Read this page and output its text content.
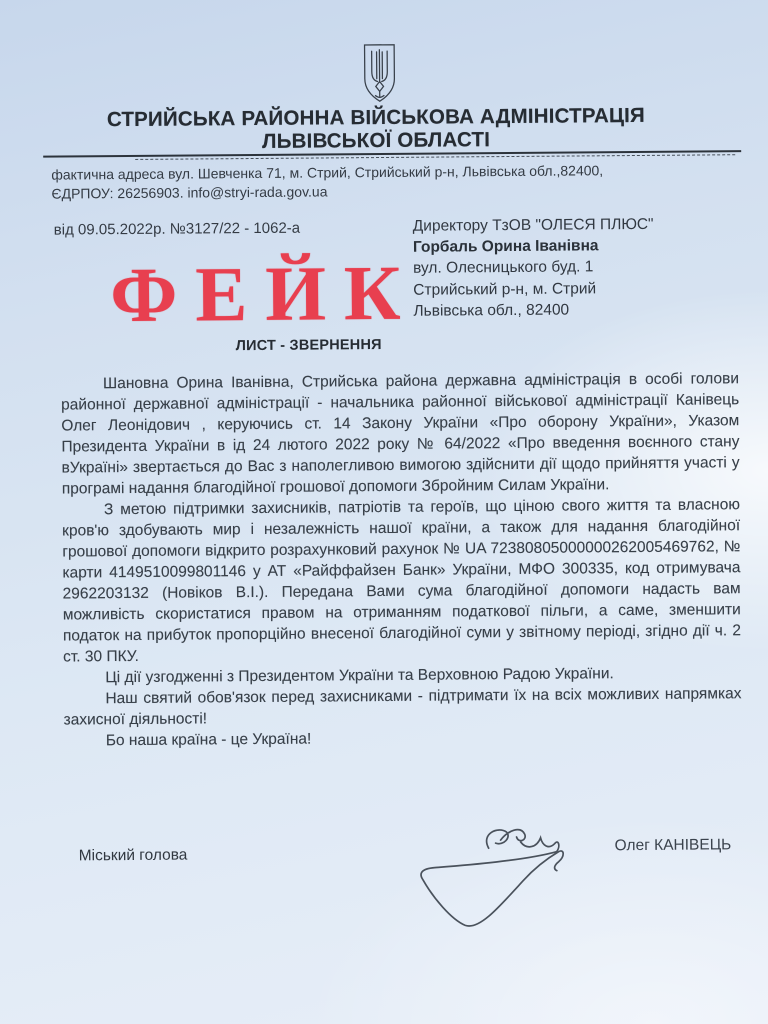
СТРИЙСЬКА РАЙОННА ВІЙСЬКОВА АДМІНІСТРАЦІЯ
ЛЬВІВСЬКОЇ ОБЛАСТІ
фактична адреса вул. Шевченка 71, м. Стрий, Стрийський р-н, Львівська обл.,82400,
ЄДРПОУ: 26256903. info@stryi-rada.gov.ua
від 09.05.2022р. №3127/22 - 1062-а	Директору ТзОВ "ОЛЕСЯ ПЛЮС"
Горбаль Орина Іванівна
вул. Олесницького буд. 1
Стрийський р-н, м. Стрий
Львівська обл., 82400
ФЕЙК
ЛИСТ - ЗВЕРНЕННЯ

Шановна Орина Іванівна, Стрийська района державна адміністрація в особі голови районної державної адміністрації - начальника районної військової адміністрації Канівець Олег Леонідович , керуючись ст. 14 Закону України «Про оборону України», Указом Президента України в ід 24 лютого 2022 року № 64/2022 «Про введення воєнного стану вУкраїні» звертається до Вас з наполегливою вимогою здійснити дії щодо прийняття участі у програмі надання благодійної грошової допомоги Збройним Силам України.

З метою підтримки захисників, патріотів та героїв, що ціною свого життя та власною кров'ю здобувають мир і незалежність нашої країни, а також для надання благодійної грошової допомоги відкрито розрахунковий рахунок № UA 72380805000000262005469762, № карти 4149510099801146 у АТ «Райффайзен Банк» України, МФО 300335, код отримувача 2962203132 (Новіков В.І.). Передана Вами сума благодійної допомоги надасть вам можливість скористатися правом на отриманням податкової пільги, а саме, зменшити податок на прибуток пропорційно внесеної благодійної суми у звітному періоді, згідно дії ч. 2 ст. 30 ПКУ.

Ці дії узгодженні з Президентом України та Верховною Радою України.

Наш святий обов'язок перед захисниками - підтримати їх на всіх можливих напрямках захисної діяльності!

Бо наша країна - це Україна!

Міський голова
Олег КАНІВЕЦЬ
